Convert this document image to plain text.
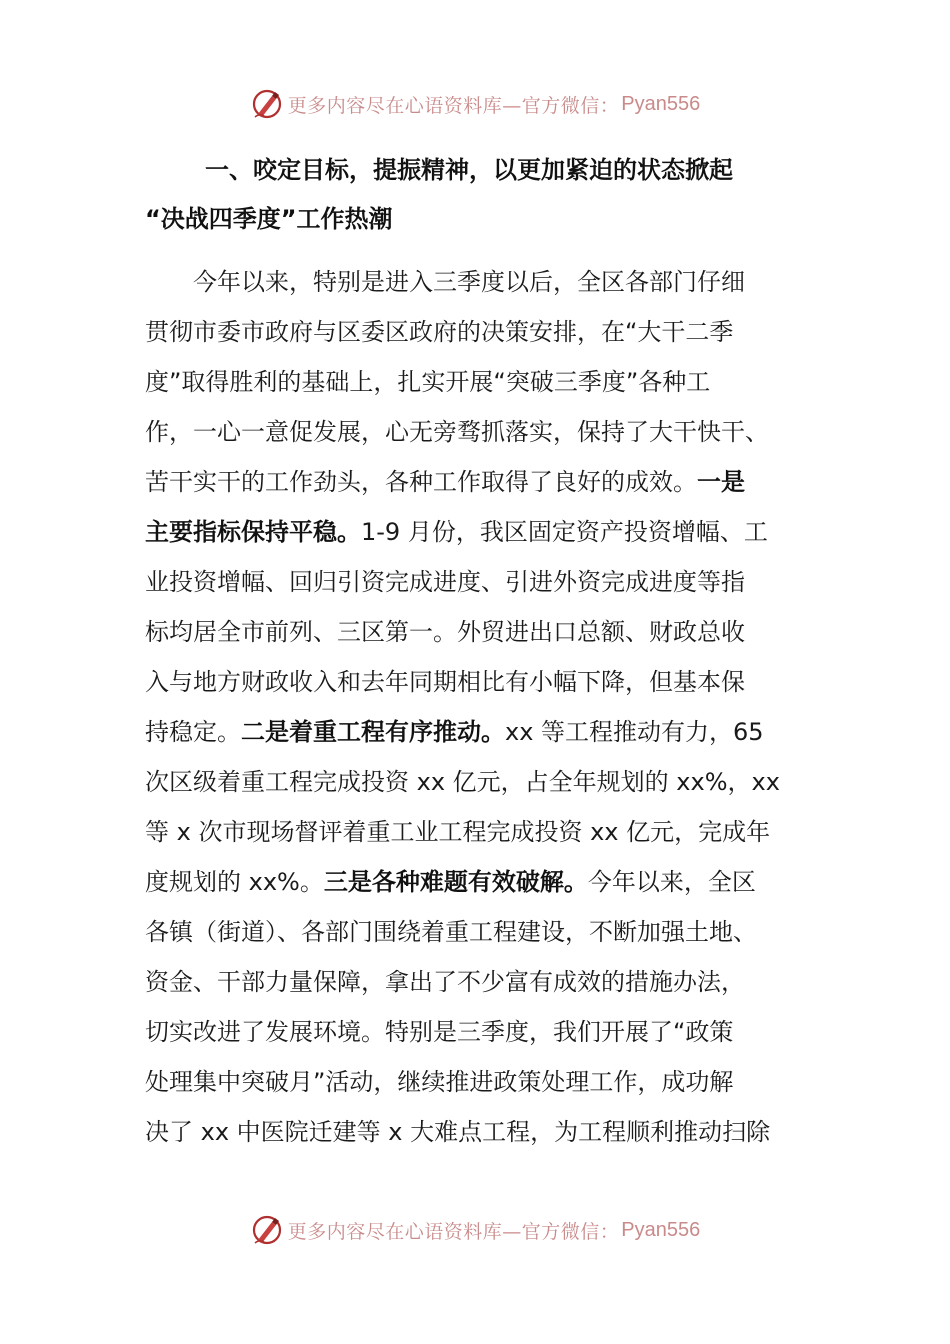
更多内容尽在心语资料库—官方微信： Pyan556
一、咬定目标，提振精神，以更加紧迫的状态掀起
“决战四季度”工作热潮
今年以来，特别是进入三季度以后，全区各部门仔细
贯彻市委市政府与区委区政府的决策安排，在“大干二季
度”取得胜利的基础上，扎实开展“突破三季度”各种工
作，一心一意促发展，心无旁骛抓落实，保持了大干快干、
苦干实干的工作劲头，各种工作取得了良好的成效。一是
主要指标保持平稳。1-9 月份，我区固定资产投资增幅、工
业投资增幅、回归引资完成进度、引进外资完成进度等指
标均居全市前列、三区第一。外贸进出口总额、财政总收
入与地方财政收入和去年同期相比有小幅下降，但基本保
持稳定。二是着重工程有序推动。xx 等工程推动有力，65
次区级着重工程完成投资 xx 亿元，占全年规划的 xx%，xx
等 x 次市现场督评着重工业工程完成投资 xx 亿元，完成年
度规划的 xx%。三是各种难题有效破解。今年以来，全区
各镇（街道）、各部门围绕着重工程建设，不断加强土地、
资金、干部力量保障，拿出了不少富有成效的措施办法，
切实改进了发展环境。特别是三季度，我们开展了“政策
处理集中突破月”活动，继续推进政策处理工作，成功解
决了 xx 中医院迁建等 x 大难点工程，为工程顺利推动扫除
更多内容尽在心语资料库—官方微信： Pyan556
